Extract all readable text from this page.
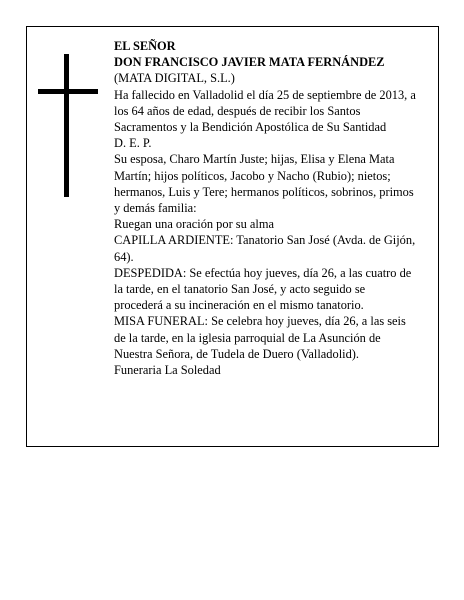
EL SEÑOR

DON FRANCISCO JAVIER MATA FERNÁNDEZ

(MATA DIGITAL, S.L.)

Ha fallecido en Valladolid el día 25 de septiembre de 2013, a los 64 años de edad, después de recibir los Santos Sacramentos y la Bendición Apostólica de Su Santidad

D. E. P.

Su esposa, Charo Martín Juste; hijas, Elisa y Elena Mata Martín; hijos políticos, Jacobo y Nacho (Rubio); nietos; hermanos, Luis y Tere; hermanos políticos, sobrinos, primos y demás familia:

Ruegan una oración por su alma

CAPILLA ARDIENTE: Tanatorio San José (Avda. de Gijón, 64).

DESPEDIDA: Se efectúa hoy jueves, día 26, a las cuatro de la tarde, en el tanatorio San José, y acto seguido se procederá a su incineración en el mismo tanatorio.

MISA FUNERAL: Se celebra hoy jueves, día 26, a las seis de la tarde, en la iglesia parroquial de La Asunción de Nuestra Señora, de Tudela de Duero (Valladolid).

Funeraria La Soledad
